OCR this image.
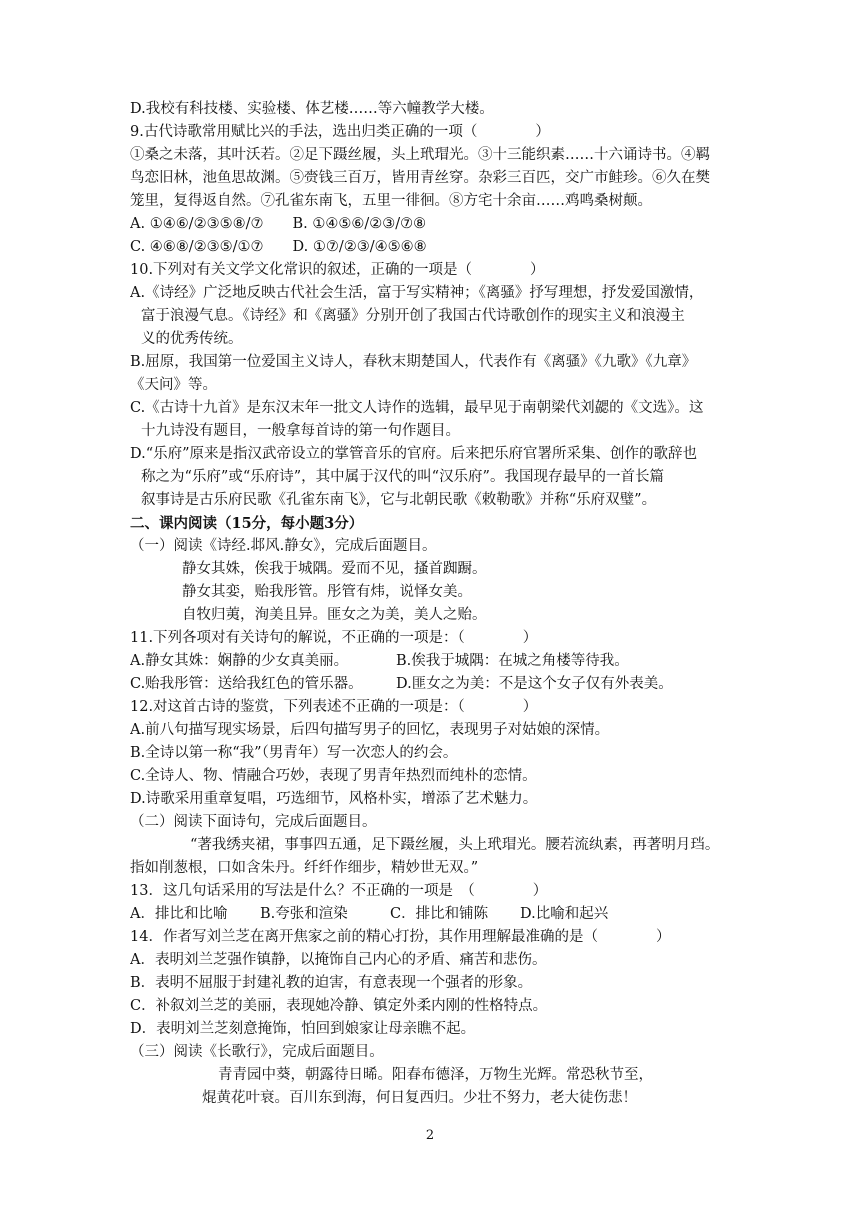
D.我校有科技楼、实验楼、体艺楼……等六幢教学大楼。
9.古代诗歌常用赋比兴的手法，选出归类正确的一项（　　　　）
①桑之未落，其叶沃若。②足下蹑丝履，头上玳瑁光。③十三能织素……十六诵诗书。④羁
鸟恋旧林，池鱼思故渊。⑤赍钱三百万，皆用青丝穿。杂彩三百匹，交广市鲑珍。⑥久在樊
笼里，复得返自然。⑦孔雀东南飞，五里一徘徊。⑧方宅十余亩……鸡鸣桑树颠。
A. ①④⑥/②③⑤⑧/⑦　　B. ①④⑤⑥/②③/⑦⑧
C. ④⑥⑧/②③⑤/①⑦　　D. ①⑦/②③/④⑤⑥⑧
10.下列对有关文学文化常识的叙述，正确的一项是（　　　　）
A.《诗经》广泛地反映古代社会生活，富于写实精神；《离骚》抒写理想，抒发爱国激情，
富于浪漫气息。《诗经》和《离骚》分别开创了我国古代诗歌创作的现实主义和浪漫主
义的优秀传统。
B.屈原，我国第一位爱国主义诗人，春秋末期楚国人，代表作有《离骚》《九歌》《九章》
《天问》等。
C.《古诗十九首》是东汉末年一批文人诗作的选辑，最早见于南朝梁代刘勰的《文选》。这
十九诗没有题目，一般拿每首诗的第一句作题目。
D.“乐府”原来是指汉武帝设立的掌管音乐的官府。后来把乐府官署所采集、创作的歌辞也
称之为“乐府”或“乐府诗”，其中属于汉代的叫“汉乐府”。我国现存最早的一首长篇
叙事诗是古乐府民歌《孔雀东南飞》，它与北朝民歌《敕勒歌》并称“乐府双璧”。
二、课内阅读（15分，每小题3分）
（一）阅读《诗经.邶风.静女》，完成后面题目。
静女其姝，俟我于城隅。爱而不见，搔首踟蹰。
静女其娈，贻我彤管。彤管有炜，说怿女美。
自牧归荑，洵美且异。匪女之为美，美人之贻。
11.下列各项对有关诗句的解说，不正确的一项是：（　　　　）
A.静女其姝：娴静的少女真美丽。	B.俟我于城隅：在城之角楼等待我。
C.贻我彤管：送给我红色的管乐器。 D.匪女之为美：不是这个女子仅有外表美。
12.对这首古诗的鉴赏，下列表述不正确的一项是：（　　　　）
A.前八句描写现实场景，后四句描写男子的回忆，表现男子对姑娘的深情。
B.全诗以第一称“我”（男青年）写一次恋人的约会。
C.全诗人、物、情融合巧妙，表现了男青年热烈而纯朴的恋情。
D.诗歌采用重章复唱，巧选细节，风格朴实，增添了艺术魅力。
（二）阅读下面诗句，完成后面题目。
“著我绣夹裙，事事四五通，足下蹑丝履，头上玳瑁光。腰若流纨素，再著明月珰。
指如削葱根，口如含朱丹。纤纤作细步，精妙世无双。”
13．这几句话采用的写法是什么？不正确的一项是　（　　　　）
A．排比和比喻 B.夸张和渲染	C．排比和铺陈 D.比喻和起兴
14．作者写刘兰芝在离开焦家之前的精心打扮，其作用理解最准确的是（　　　　）
A．表明刘兰芝强作镇静，以掩饰自己内心的矛盾、痛苦和悲伤。
B．表明不屈服于封建礼教的迫害，有意表现一个强者的形象。
C．补叙刘兰芝的美丽，表现她冷静、镇定外柔内刚的性格特点。
D．表明刘兰芝刻意掩饰，怕回到娘家让母亲瞧不起。
（三）阅读《长歌行》，完成后面题目。
青青园中葵，朝露待日晞。阳春布德泽，万物生光辉。常恐秋节至，
焜黄花叶衰。百川东到海，何日复西归。少壮不努力，老大徒伤悲！
2
